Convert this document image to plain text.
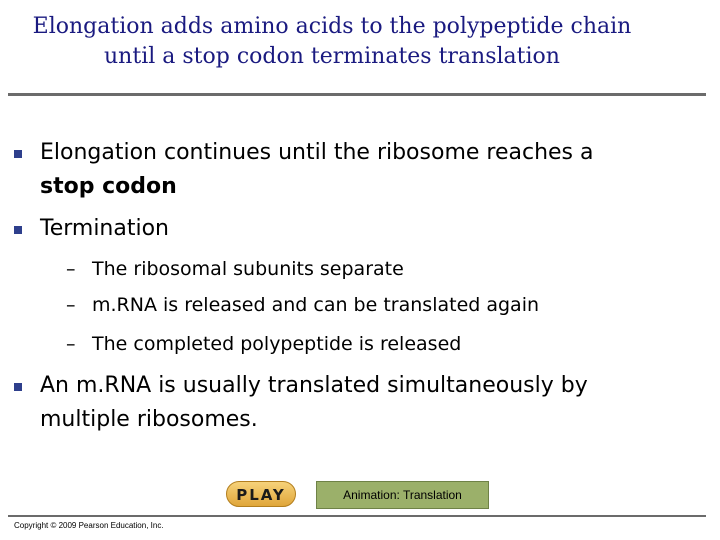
Elongation adds amino acids to the polypeptide chain
until a stop codon terminates translation
Elongation continues until the ribosome reaches a
stop codon
Termination
– The ribosomal subunits separate
– m.RNA is released and can be translated again
– The completed polypeptide is released
An m.RNA is usually translated simultaneously by
multiple ribosomes.
PLAY	Animation: Translation
Copyright © 2009 Pearson Education, Inc.
